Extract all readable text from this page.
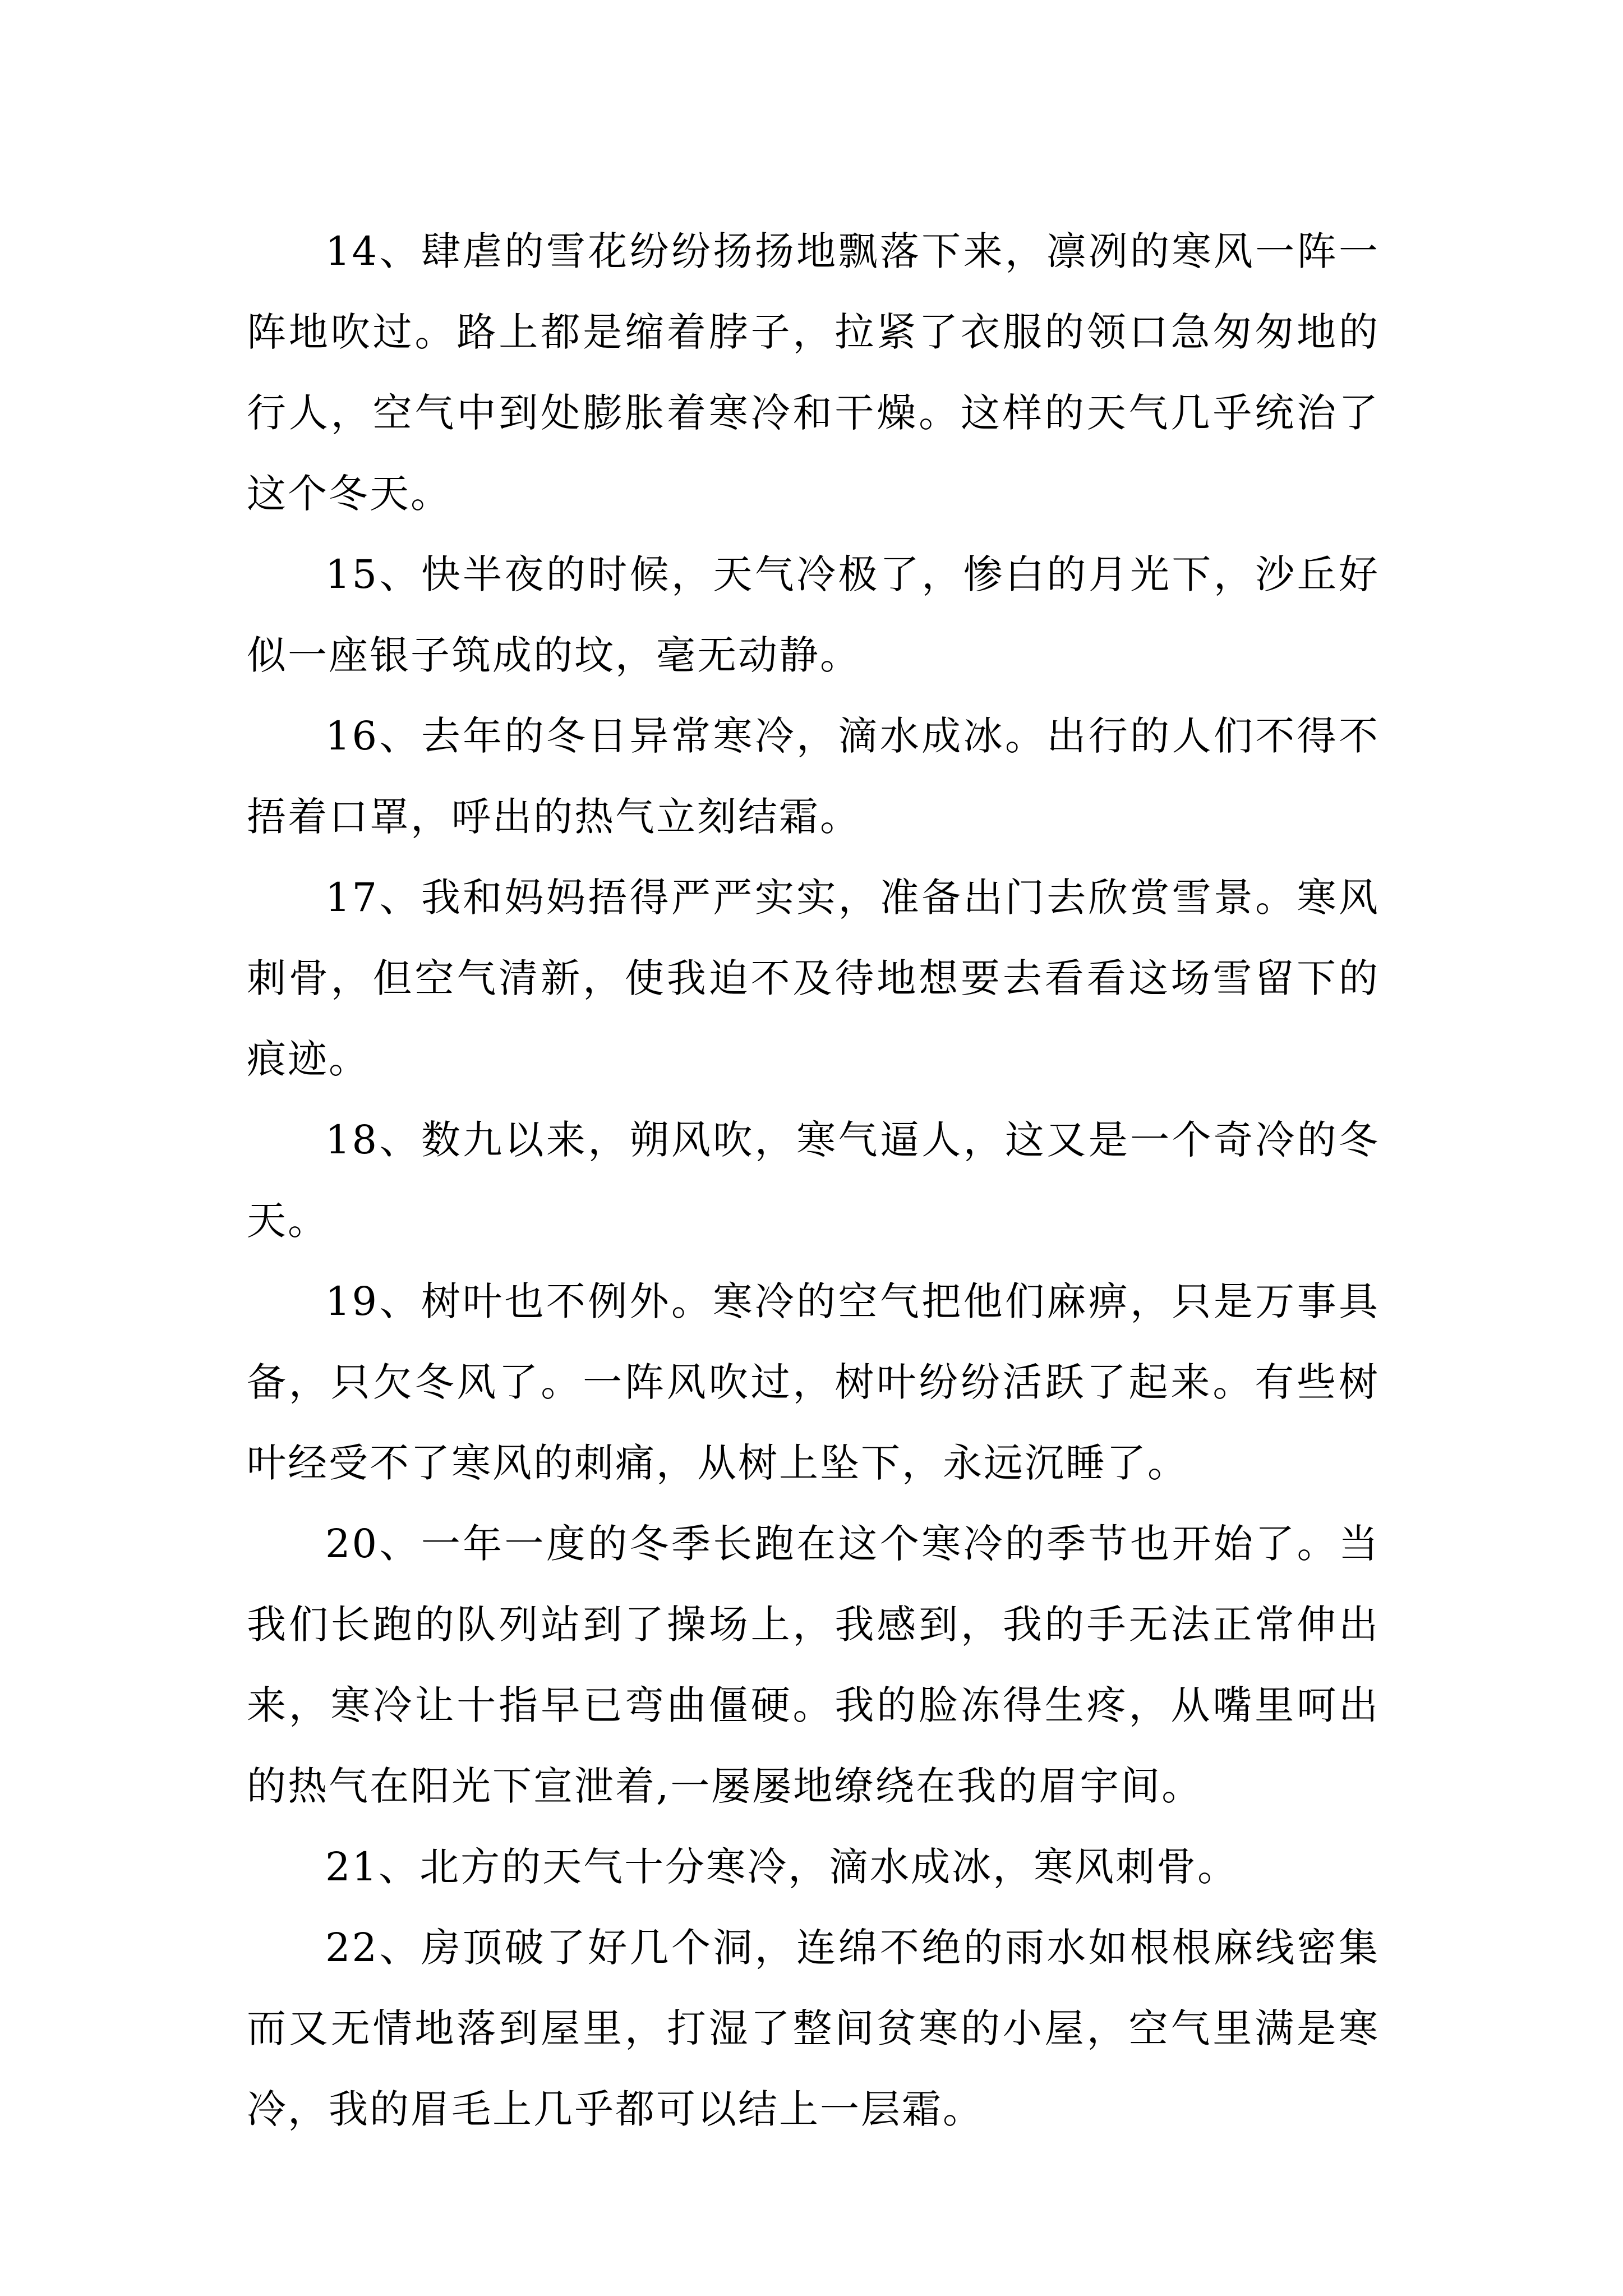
14、肆虐的雪花纷纷扬扬地飘落下来，凛冽的寒风一阵一阵地吹过。路上都是缩着脖子，拉紧了衣服的领口急匆匆地的行人，空气中到处膨胀着寒冷和干燥。这样的天气几乎统治了这个冬天。

15、快半夜的时候，天气冷极了，惨白的月光下，沙丘好似一座银子筑成的坟，毫无动静。

16、去年的冬日异常寒冷，滴水成冰。出行的人们不得不捂着口罩，呼出的热气立刻结霜。

17、我和妈妈捂得严严实实，准备出门去欣赏雪景。寒风刺骨，但空气清新，使我迫不及待地想要去看看这场雪留下的痕迹。

18、数九以来，朔风吹，寒气逼人，这又是一个奇冷的冬天。

19、树叶也不例外。寒冷的空气把他们麻痹，只是万事具备，只欠冬风了。一阵风吹过，树叶纷纷活跃了起来。有些树叶经受不了寒风的刺痛，从树上坠下，永远沉睡了。

20、一年一度的冬季长跑在这个寒冷的季节也开始了。当我们长跑的队列站到了操场上，我感到，我的手无法正常伸出来，寒冷让十指早已弯曲僵硬。我的脸冻得生疼，从嘴里呵出的热气在阳光下宣泄着,一屡屡地缭绕在我的眉宇间。

21、北方的天气十分寒冷，滴水成冰，寒风刺骨。

22、房顶破了好几个洞，连绵不绝的雨水如根根麻线密集而又无情地落到屋里，打湿了整间贫寒的小屋，空气里满是寒冷，我的眉毛上几乎都可以结上一层霜。
